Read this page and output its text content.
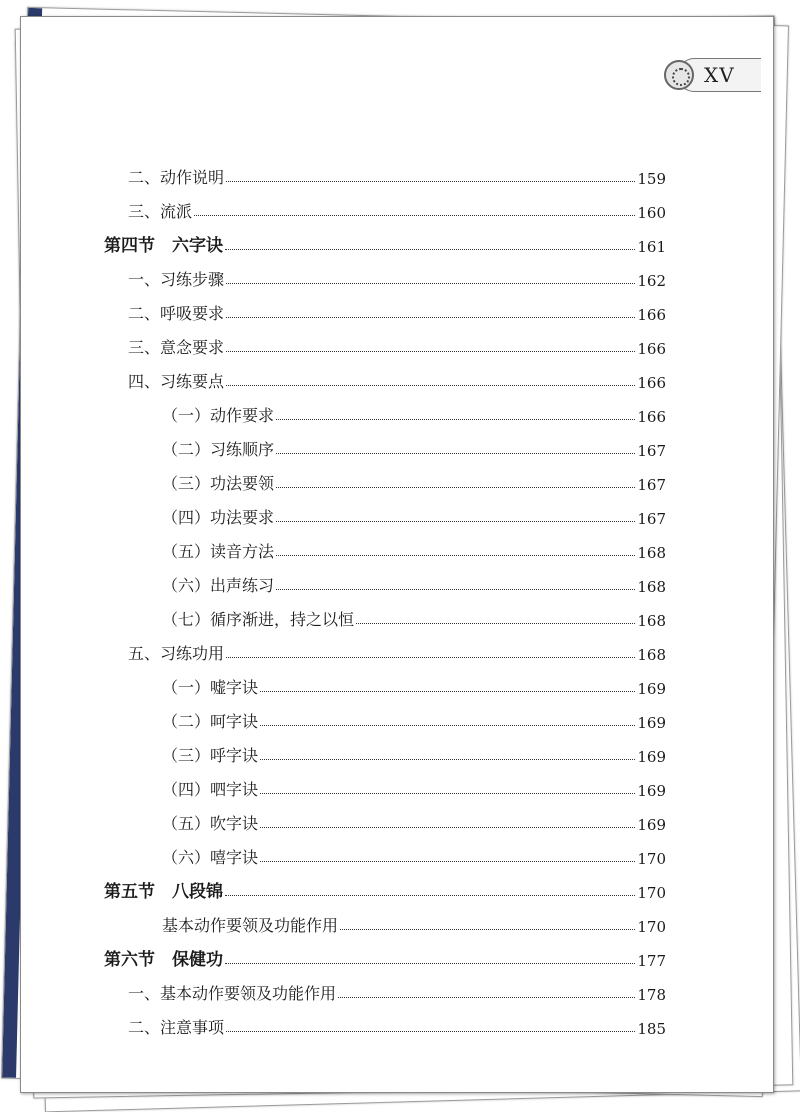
XV
二、动作说明	159
三、流派	160
第四节　六字诀	161
一、习练步骤	162
二、呼吸要求	166
三、意念要求	166
四、习练要点	166
（一）动作要求	166
（二）习练顺序	167
（三）功法要领	167
（四）功法要求	167
（五）读音方法	168
（六）出声练习	168
（七）循序渐进，持之以恒	168
五、习练功用	168
（一）嘘字诀	169
（二）呵字诀	169
（三）呼字诀	169
（四）呬字诀	169
（五）吹字诀	169
（六）嘻字诀	170
第五节　八段锦	170
基本动作要领及功能作用	170
第六节　保健功	177
一、基本动作要领及功能作用	178
二、注意事项	185
